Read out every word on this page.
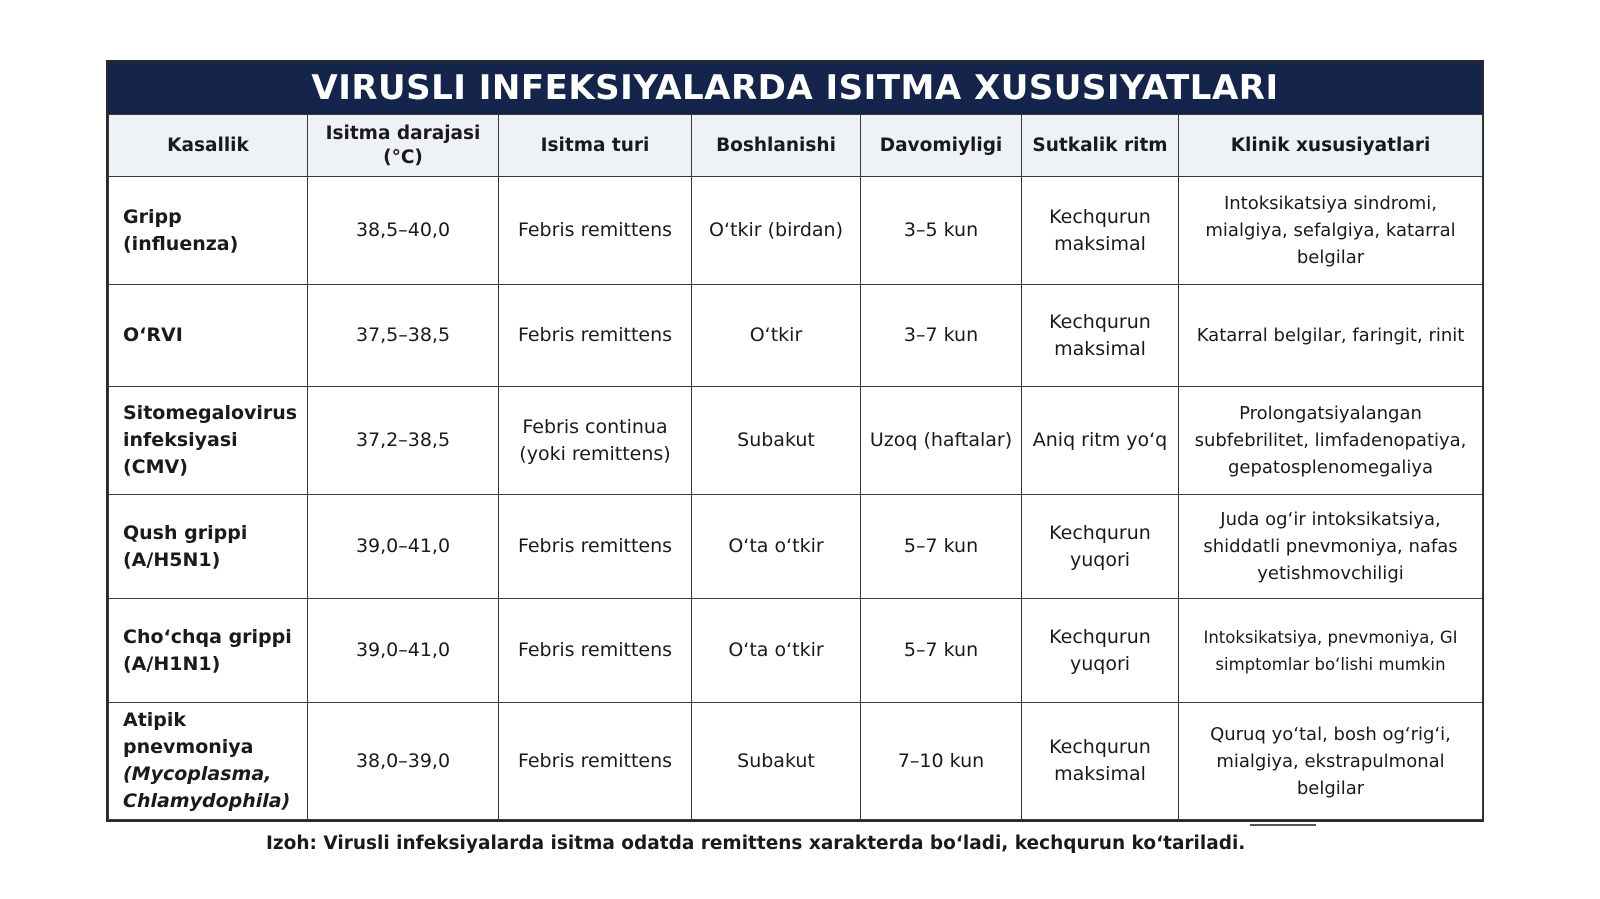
VIRUSLI INFEKSIYALARDA ISITMA XUSUSIYATLARI
Kasallik	Isitma darajasi (°C)	Isitma turi	Boshlanishi	Davomiyligi	Sutkalik ritm	Klinik xususiyatlari
Gripp (influenza)	38,5–40,0	Febris remittens	O‘tkir (birdan)	3–5 kun	Kechqurun maksimal	Intoksikatsiya sindromi, mialgiya, sefalgiya, katarral belgilar
O‘RVI	37,5–38,5	Febris remittens	O‘tkir	3–7 kun	Kechqurun maksimal	Katarral belgilar, faringit, rinit
Sitomegalovirus infeksiyasi (CMV)	37,2–38,5	Febris continua (yoki remittens)	Subakut	Uzoq (haftalar)	Aniq ritm yo‘q	Prolongatsiyalangan subfebrilitet, limfadenopatiya, gepatosplenomegaliya
Qush grippi (A/H5N1)	39,0–41,0	Febris remittens	O‘ta o‘tkir	5–7 kun	Kechqurun yuqori	Juda og‘ir intoksikatsiya, shiddatli pnevmoniya, nafas yetishmovchiligi
Cho‘chqa grippi (A/H1N1)	39,0–41,0	Febris remittens	O‘ta o‘tkir	5–7 kun	Kechqurun yuqori	Intoksikatsiya, pnevmoniya, GI simptomlar bo‘lishi mumkin
Atipik pnevmoniya
(Mycoplasma, Chlamydophila)	38,0–39,0	Febris remittens	Subakut	7–10 kun	Kechqurun maksimal	Quruq yo‘tal, bosh og‘rig‘i, mialgiya, ekstrapulmonal belgilar
Izoh: Virusli infeksiyalarda isitma odatda remittens xarakterda bo‘ladi, kechqurun ko‘tariladi.
